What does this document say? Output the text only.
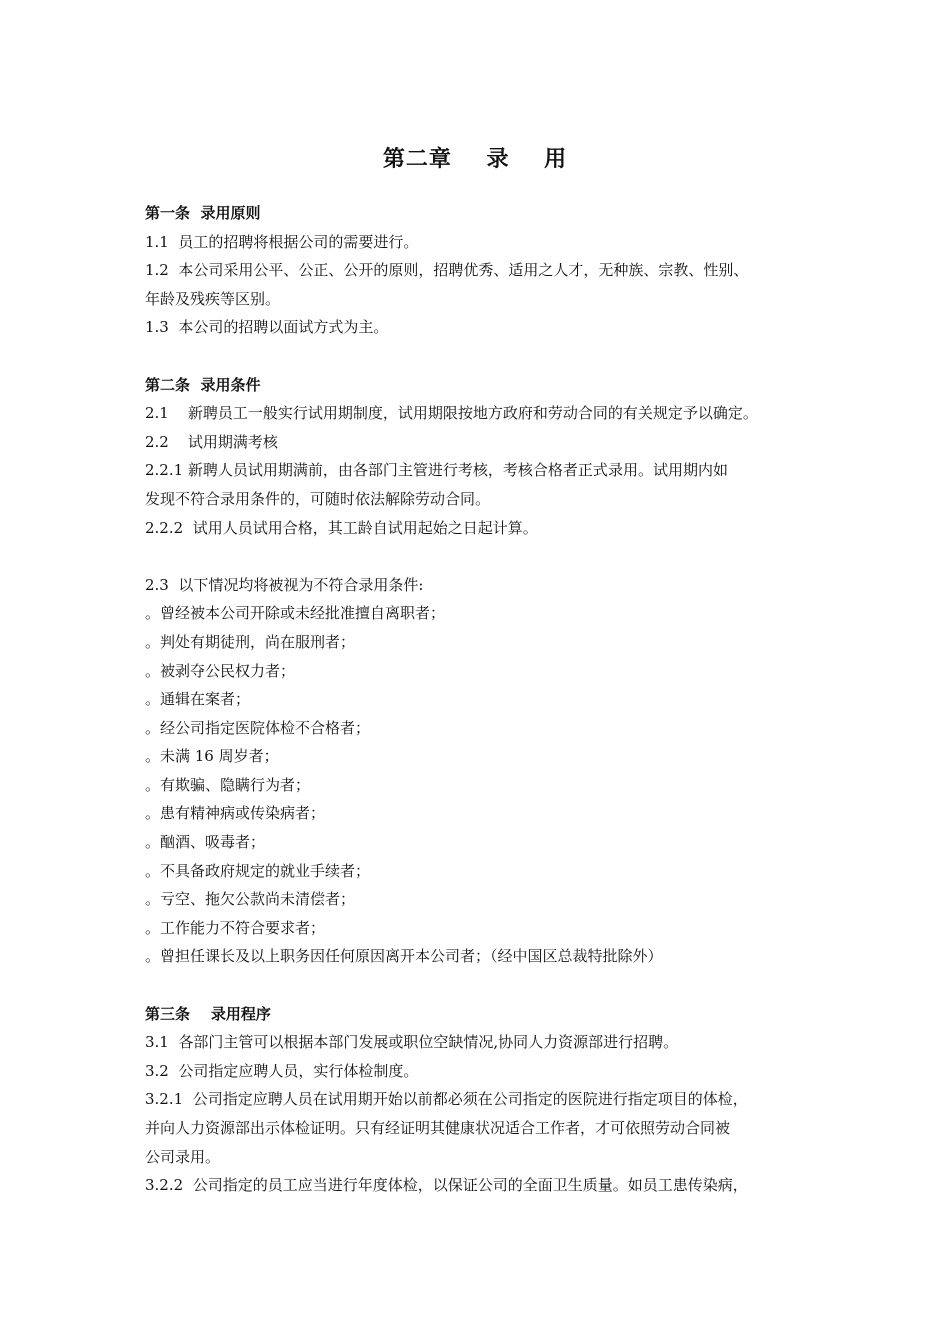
第二章    录    用
第一条  录用原则
1.1  员工的招聘将根据公司的需要进行。
1.2  本公司采用公平、公正、公开的原则，招聘优秀、适用之人才，无种族、宗教、性别、
年龄及残疾等区别。
1.3  本公司的招聘以面试方式为主。
第二条  录用条件
2.1    新聘员工一般实行试用期制度，试用期限按地方政府和劳动合同的有关规定予以确定。
2.2    试用期满考核
2.2.1 新聘人员试用期满前，由各部门主管进行考核，考核合格者正式录用。试用期内如
发现不符合录用条件的，可随时依法解除劳动合同。
2.2.2  试用人员试用合格，其工龄自试用起始之日起计算。
2.3  以下情况均将被视为不符合录用条件:
。曾经被本公司开除或未经批准擅自离职者；
。判处有期徒刑，尚在服刑者；
。被剥夺公民权力者；
。通辑在案者；
。经公司指定医院体检不合格者；
。未满 16 周岁者；
。有欺骗、隐瞒行为者；
。患有精神病或传染病者；
。酗酒、吸毒者；
。不具备政府规定的就业手续者；
。亏空、拖欠公款尚未清偿者；
。工作能力不符合要求者；
。曾担任课长及以上职务因任何原因离开本公司者；（经中国区总裁特批除外）
第三条    录用程序
3.1  各部门主管可以根据本部门发展或职位空缺情况,协同人力资源部进行招聘。
3.2  公司指定应聘人员，实行体检制度。
3.2.1  公司指定应聘人员在试用期开始以前都必须在公司指定的医院进行指定项目的体检，
并向人力资源部出示体检证明。只有经证明其健康状况适合工作者，才可依照劳动合同被
公司录用。
3.2.2  公司指定的员工应当进行年度体检，以保证公司的全面卫生质量。如员工患传染病，
